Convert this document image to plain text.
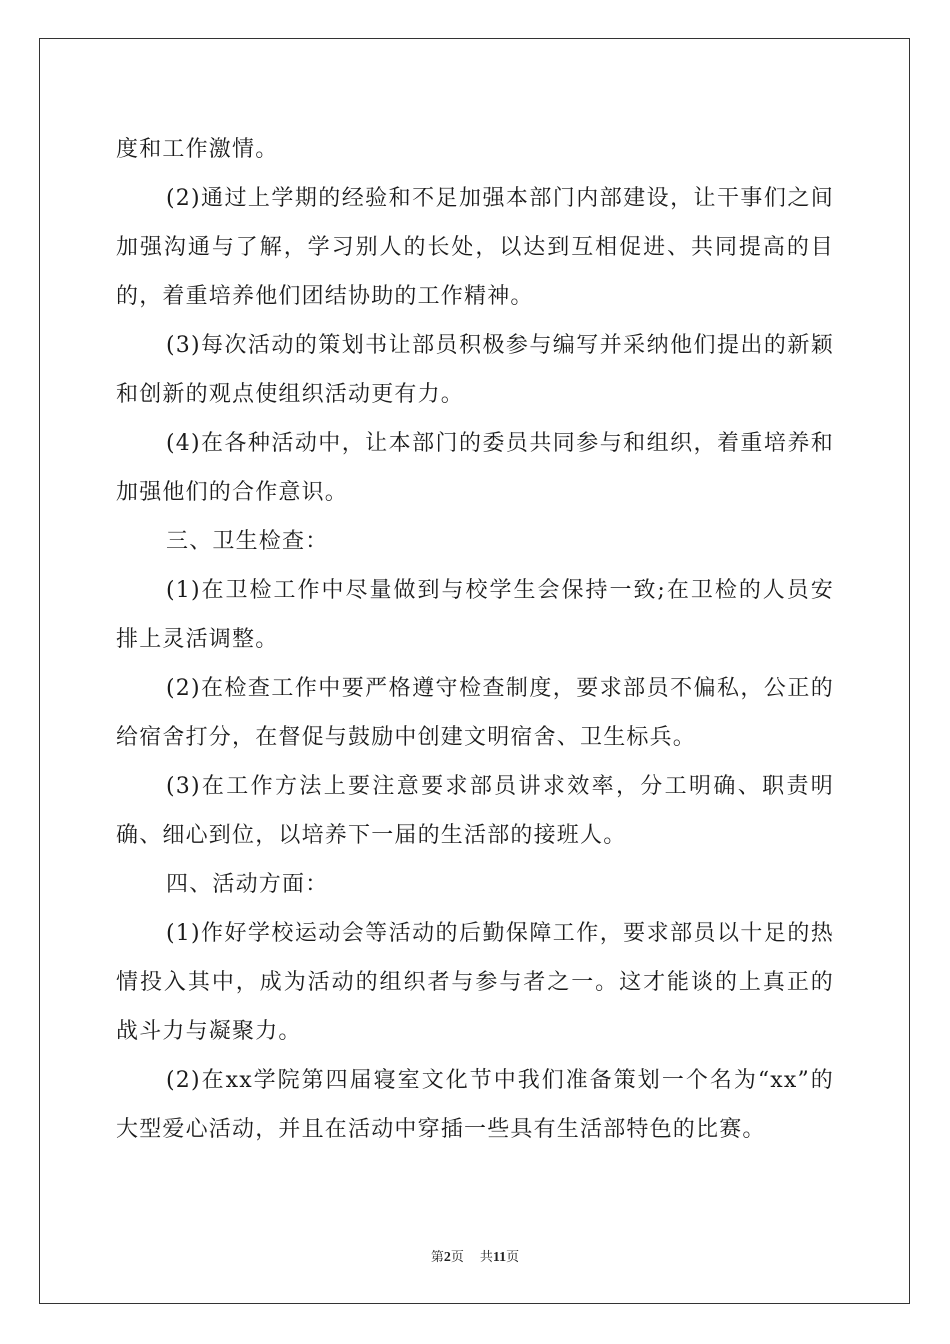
度和工作激情。

(2)通过上学期的经验和不足加强本部门内部建设，让干事们之间加强沟通与了解，学习别人的长处，以达到互相促进、共同提高的目的，着重培养他们团结协助的工作精神。

(3)每次活动的策划书让部员积极参与编写并采纳他们提出的新颖和创新的观点使组织活动更有力。

(4)在各种活动中，让本部门的委员共同参与和组织，着重培养和加强他们的合作意识。

三、卫生检查：

(1)在卫检工作中尽量做到与校学生会保持一致;在卫检的人员安排上灵活调整。

(2)在检查工作中要严格遵守检查制度，要求部员不偏私，公正的给宿舍打分，在督促与鼓励中创建文明宿舍、卫生标兵。

(3)在工作方法上要注意要求部员讲求效率，分工明确、职责明确、细心到位，以培养下一届的生活部的接班人。

四、活动方面：

(1)作好学校运动会等活动的后勤保障工作，要求部员以十足的热情投入其中，成为活动的组织者与参与者之一。这才能谈的上真正的战斗力与凝聚力。

(2)在xx学院第四届寝室文化节中我们准备策划一个名为“xx”的大型爱心活动，并且在活动中穿插一些具有生活部特色的比赛。

第2页 共11页
